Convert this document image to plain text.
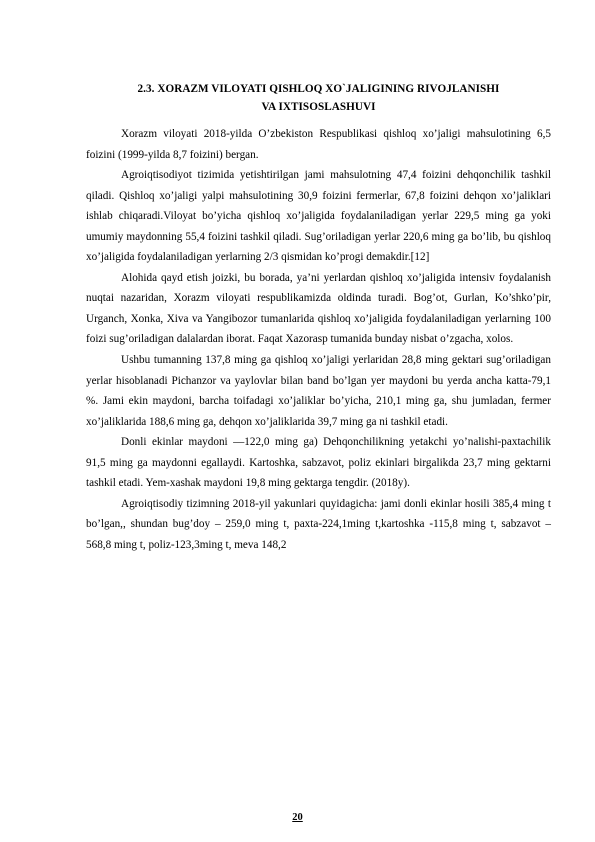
2.3. XORAZM VILOYATI QISHLOQ XO`JALIGINING RIVOJLANISHI
VA IXTISOSLASHUVI

Xorazm viloyati 2018-yilda O’zbekiston Respublikasi qishloq xo’jaligi mahsulotining 6,5 foizini (1999-yilda 8,7 foizini) bergan.

Agroiqtisodiyot tizimida yetishtirilgan jami mahsulotning 47,4 foizini dehqonchilik tashkil qiladi. Qishloq xo’jaligi yalpi mahsulotining 30,9 foizini fermerlar, 67,8 foizini dehqon xo’jaliklari ishlab chiqaradi.Viloyat bo’yicha qishloq xo’jaligida foydalaniladigan yerlar 229,5 ming ga yoki umumiy maydonning 55,4 foizini tashkil qiladi. Sug’oriladigan yerlar 220,6 ming ga bo’lib, bu qishloq xo’jaligida foydalaniladigan yerlarning 2/3 qismidan ko’progi demakdir.[12]

Alohida qayd etish joizki, bu borada, ya’ni yerlardan qishloq xo’jaligida intensiv foydalanish nuqtai nazaridan, Xorazm viloyati respublikamizda oldinda turadi. Bog’ot, Gurlan, Ko’shko’pir, Urganch, Xonka, Xiva va Yangibozor tumanlarida qishloq xo’jaligida foydalaniladigan yerlarning 100 foizi sug’oriladigan dalalardan iborat. Faqat Xazorasp tumanida bunday nisbat o’zgacha, xolos.

Ushbu tumanning 137,8 ming ga qishloq xo’jaligi yerlaridan 28,8 ming gektari sug’oriladigan yerlar hisoblanadi Pichanzor va yaylovlar bilan band bo’lgan yer maydoni bu yerda ancha katta-79,1 %. Jami ekin maydoni, barcha toifadagi xo’jaliklar bo’yicha, 210,1 ming ga, shu jumladan, fermer xo’jaliklarida 188,6 ming ga, dehqon xo’jaliklarida 39,7 ming ga ni tashkil etadi.

Donli ekinlar maydoni —122,0 ming ga) Dehqonchilikning yetakchi yo’nalishi-paxtachilik 91,5 ming ga maydonni egallaydi. Kartoshka, sabzavot, poliz ekinlari birgalikda 23,7 ming gektarni tashkil etadi. Yem-xashak maydoni 19,8 ming gektarga tengdir. (2018y).

Agroiqtisodiy tizimning 2018-yil yakunlari quyidagicha: jami donli ekinlar hosili 385,4 ming t bo’lgan,, shundan bug’doy – 259,0 ming t, paxta-224,1ming t,kartoshka -115,8 ming t, sabzavot – 568,8 ming t, poliz-123,3ming t, meva 148,2

20
